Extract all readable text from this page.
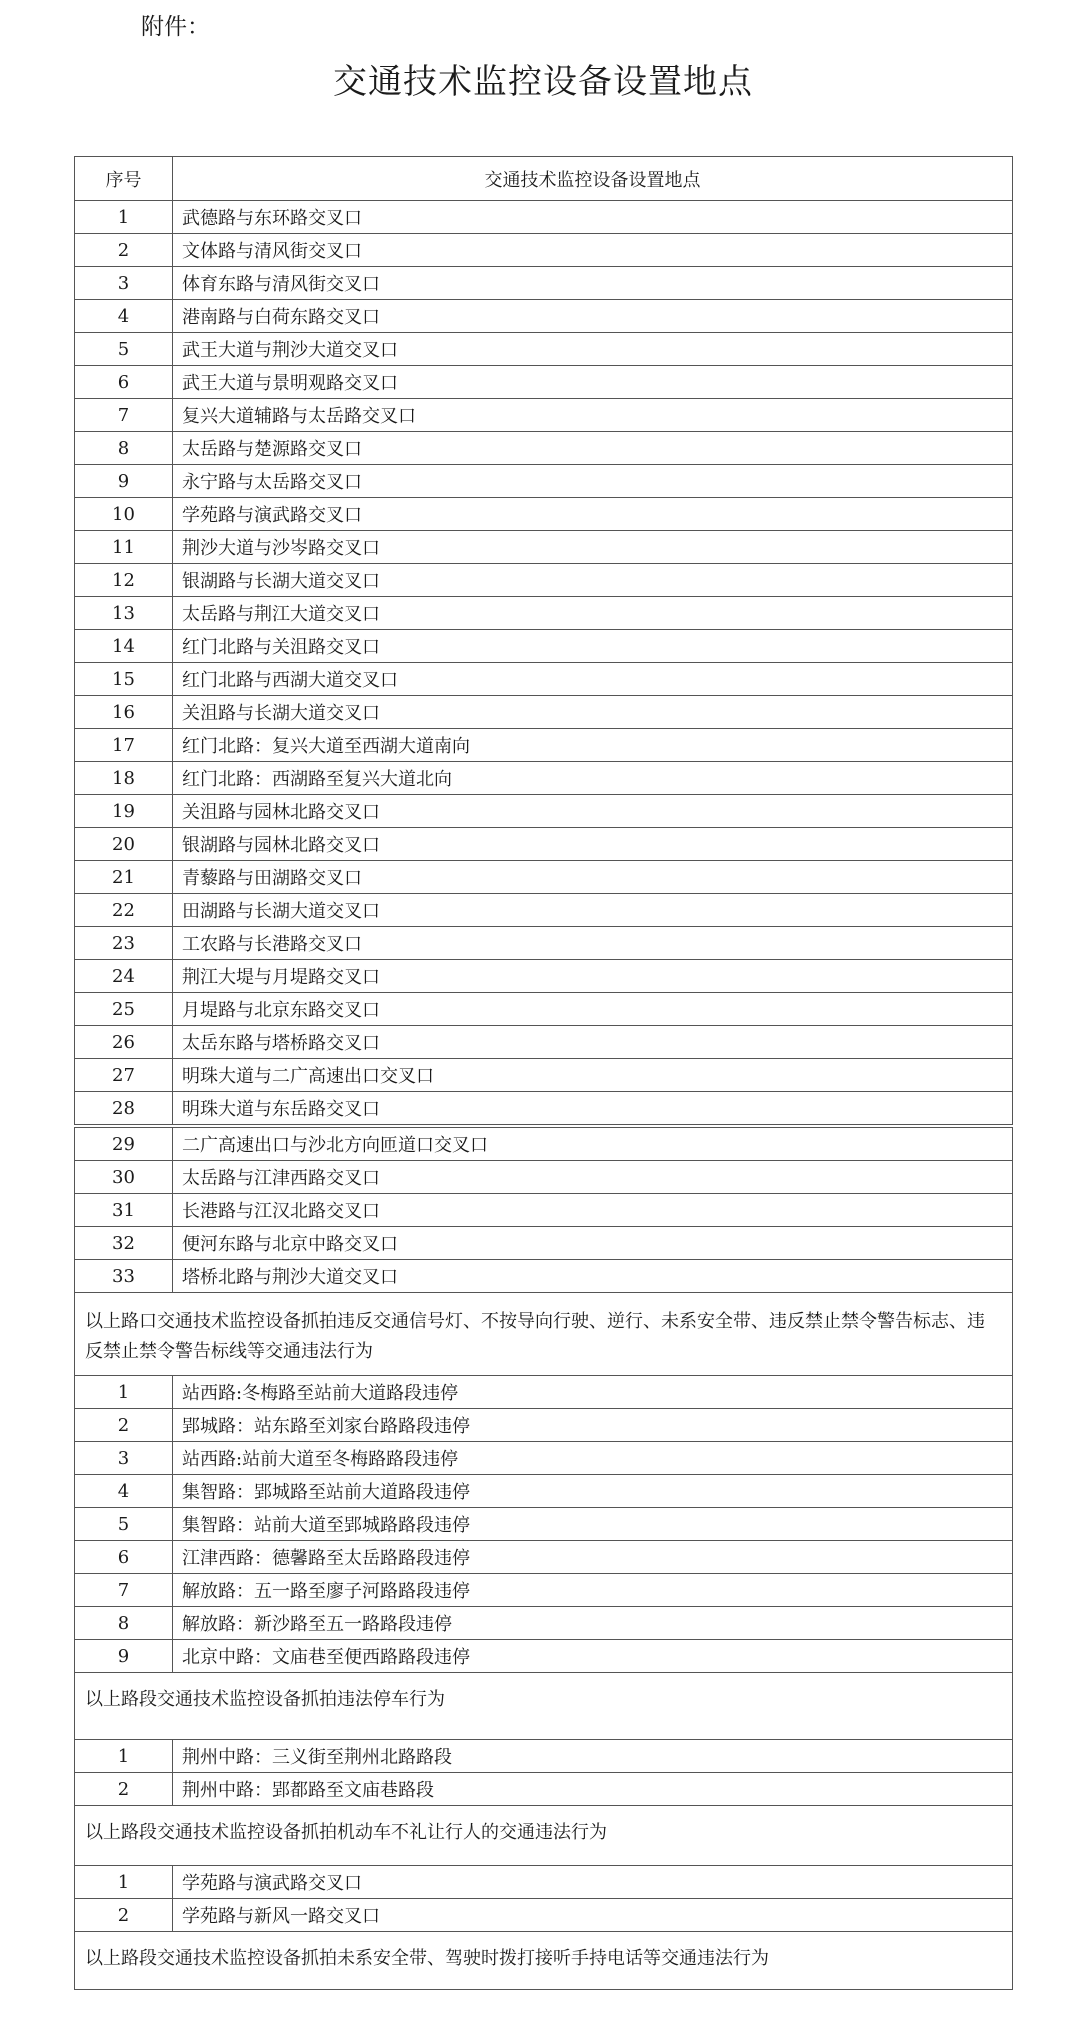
附件：
交通技术监控设备设置地点
序号	交通技术监控设备设置地点
1	武德路与东环路交叉口
2	文体路与清风街交叉口
3	体育东路与清风街交叉口
4	港南路与白荷东路交叉口
5	武王大道与荆沙大道交叉口
6	武王大道与景明观路交叉口
7	复兴大道辅路与太岳路交叉口
8	太岳路与楚源路交叉口
9	永宁路与太岳路交叉口
10	学苑路与演武路交叉口
11	荆沙大道与沙岑路交叉口
12	银湖路与长湖大道交叉口
13	太岳路与荆江大道交叉口
14	红门北路与关沮路交叉口
15	红门北路与西湖大道交叉口
16	关沮路与长湖大道交叉口
17	红门北路：复兴大道至西湖大道南向
18	红门北路：西湖路至复兴大道北向
19	关沮路与园林北路交叉口
20	银湖路与园林北路交叉口
21	青藜路与田湖路交叉口
22	田湖路与长湖大道交叉口
23	工农路与长港路交叉口
24	荆江大堤与月堤路交叉口
25	月堤路与北京东路交叉口
26	太岳东路与塔桥路交叉口
27	明珠大道与二广高速出口交叉口
28	明珠大道与东岳路交叉口
29	二广高速出口与沙北方向匝道口交叉口
30	太岳路与江津西路交叉口
31	长港路与江汉北路交叉口
32	便河东路与北京中路交叉口
33	塔桥北路与荆沙大道交叉口
以上路口交通技术监控设备抓拍违反交通信号灯、不按导向行驶、逆行、未系安全带、违反禁止禁令警告标志、违反禁止禁令警告标线等交通违法行为	
1	站西路:冬梅路至站前大道路段违停
2	郢城路：站东路至刘家台路路段违停
3	站西路:站前大道至冬梅路路段违停
4	集智路：郢城路至站前大道路段违停
5	集智路：站前大道至郢城路路段违停
6	江津西路：德馨路至太岳路路段违停
7	解放路：五一路至廖子河路路段违停
8	解放路：新沙路至五一路路段违停
9	北京中路：文庙巷至便西路路段违停
以上路段交通技术监控设备抓拍违法停车行为	
1	荆州中路：三义街至荆州北路路段
2	荆州中路：郢都路至文庙巷路段
以上路段交通技术监控设备抓拍机动车不礼让行人的交通违法行为	
1	学苑路与演武路交叉口
2	学苑路与新风一路交叉口
以上路段交通技术监控设备抓拍未系安全带、驾驶时拨打接听手持电话等交通违法行为	
